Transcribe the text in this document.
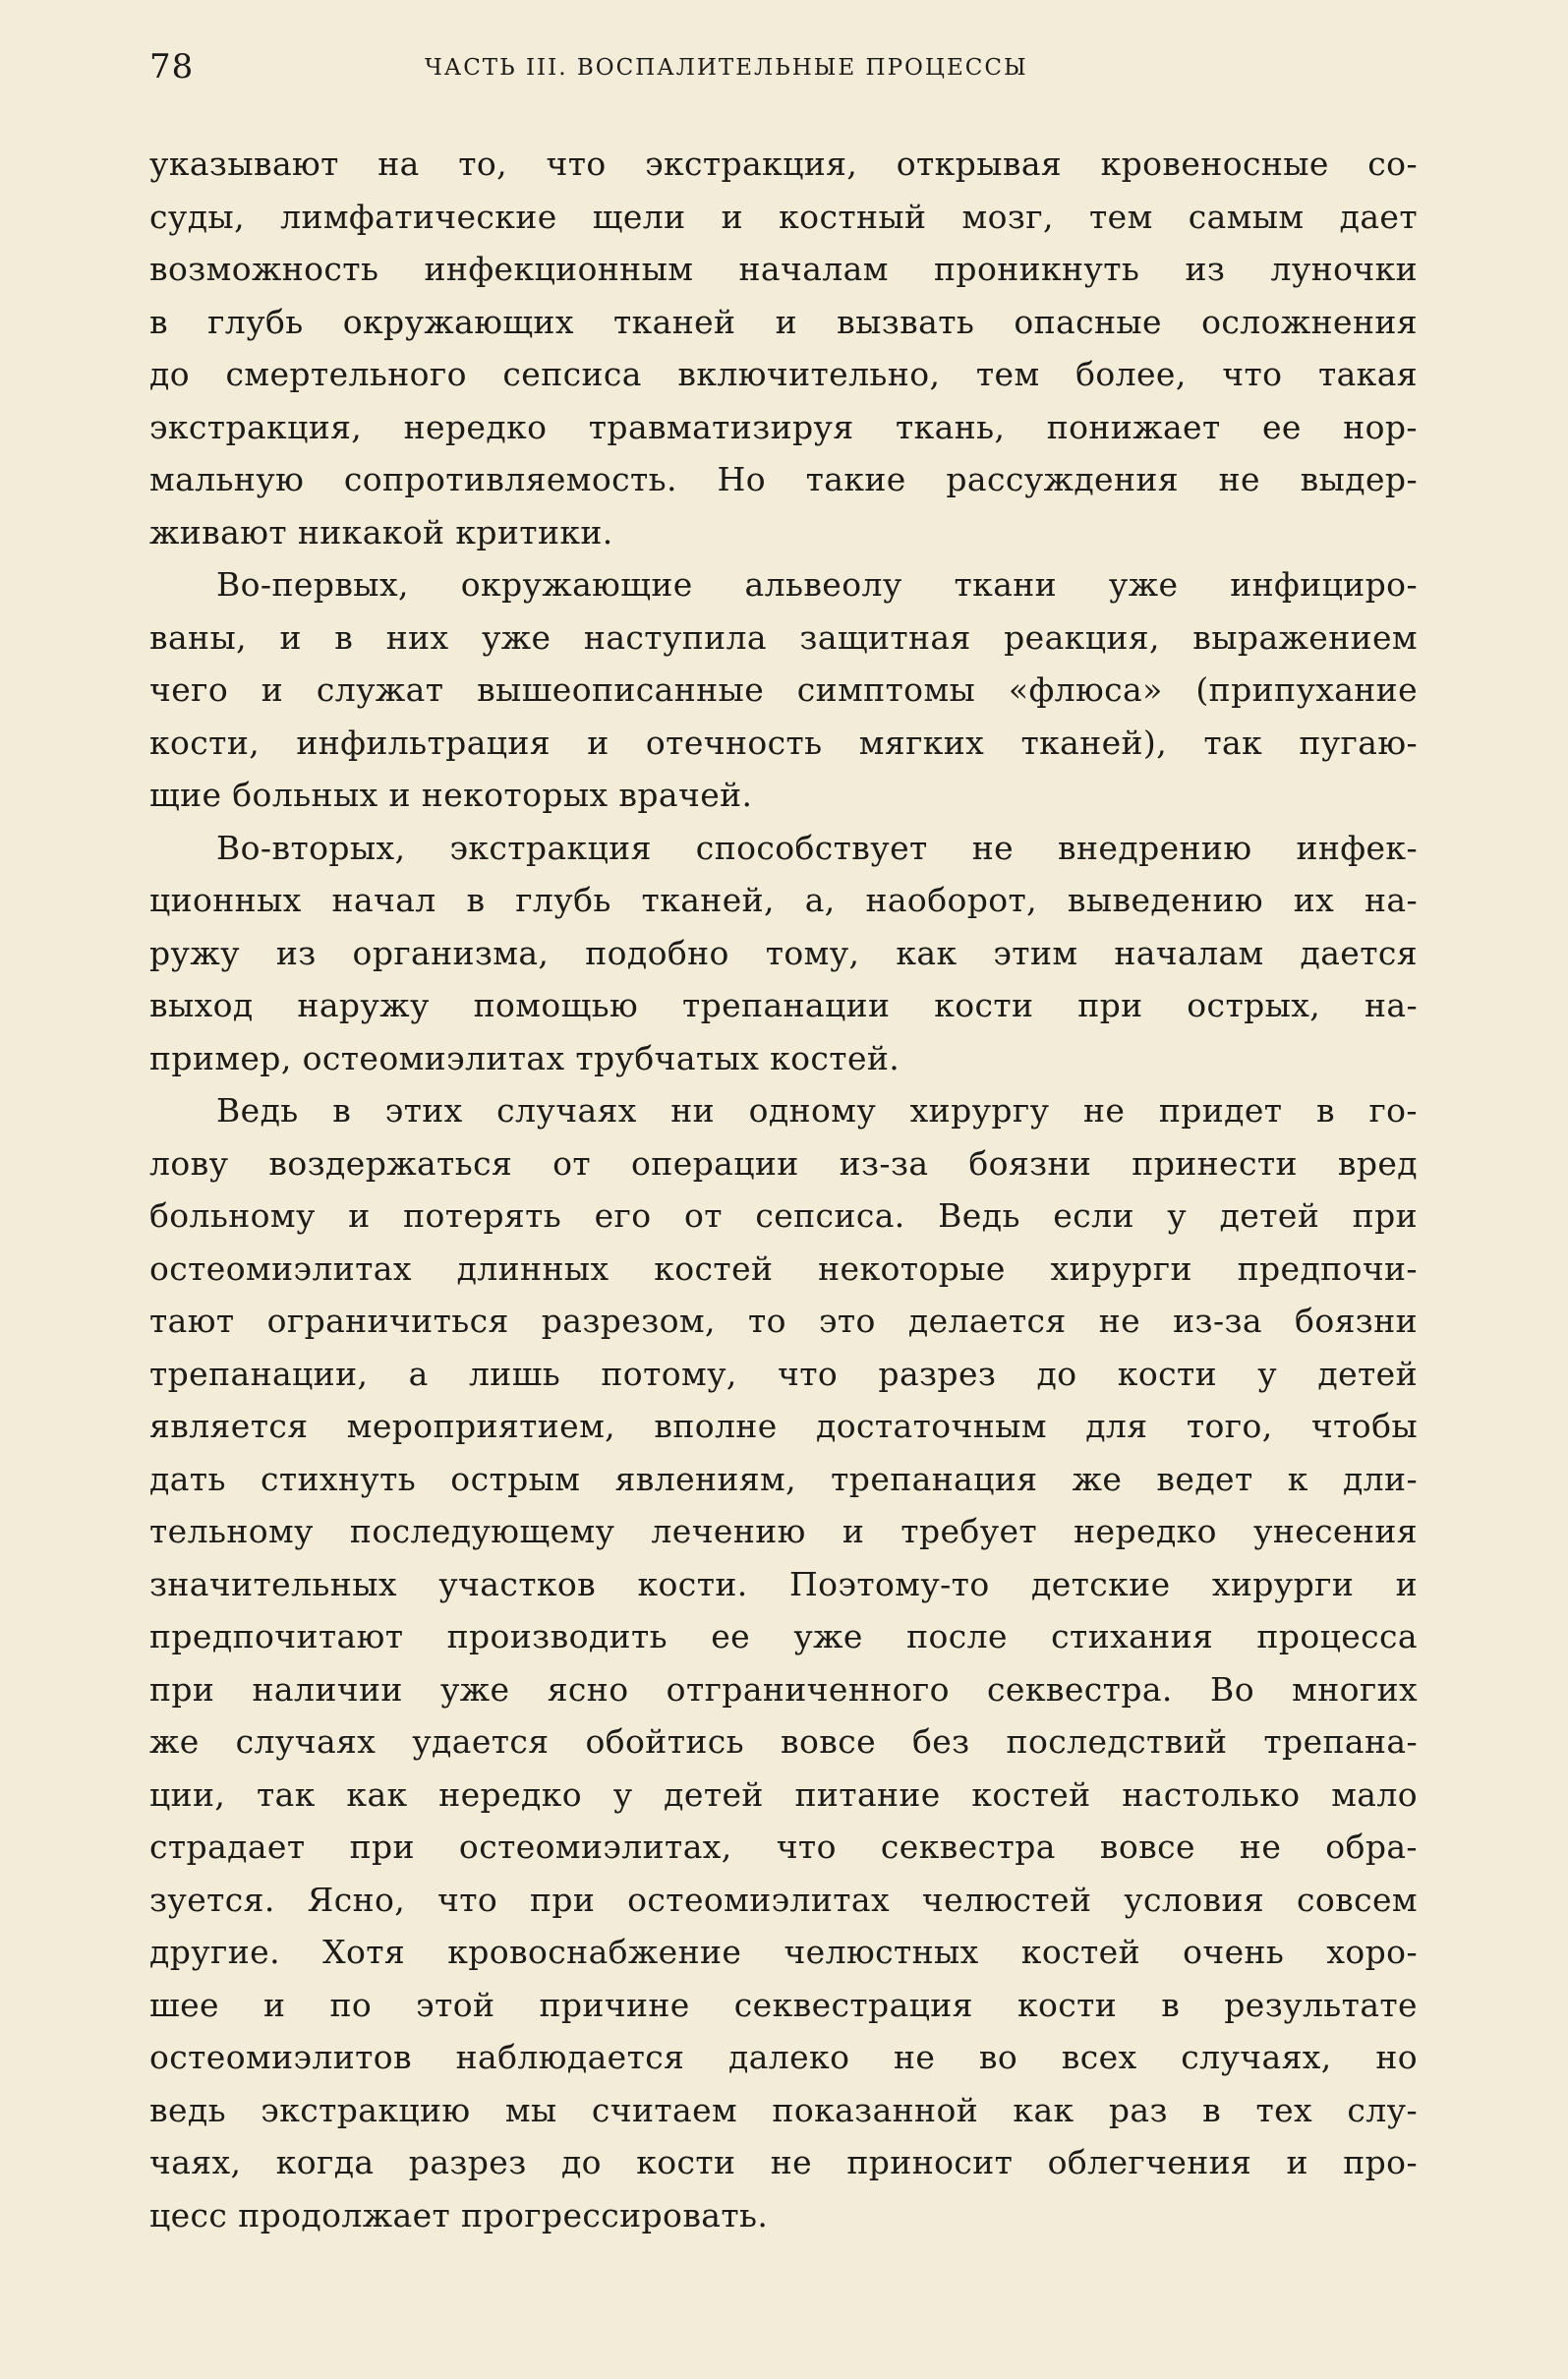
78	ЧАСТЬ III. ВОСПАЛИТЕЛЬНЫЕ ПРОЦЕССЫ
указывают на то, что экстракция, открывая кровеносные со-
суды, лимфатические щели и костный мозг, тем самым дает
возможность инфекционным началам проникнуть из луночки
в глубь окружающих тканей и вызвать опасные осложнения
до смертельного сепсиса включительно, тем более, что такая
экстракция, нередко травматизируя ткань, понижает ее нор-
мальную сопротивляемость. Но такие рассуждения не выдер-
живают никакой критики.
Во-первых, окружающие альвеолу ткани уже инфициро-
ваны, и в них уже наступила защитная реакция, выражением
чего и служат вышеописанные симптомы «флюса» (припухание
кости, инфильтрация и отечность мягких тканей), так пугаю-
щие больных и некоторых врачей.
Во-вторых, экстракция способствует не внедрению инфек-
ционных начал в глубь тканей, а, наоборот, выведению их на-
ружу из организма, подобно тому, как этим началам дается
выход наружу помощью трепанации кости при острых, на-
пример, остеомиэлитах трубчатых костей.
Ведь в этих случаях ни одному хирургу не придет в го-
лову воздержаться от операции из-за боязни принести вред
больному и потерять его от сепсиса. Ведь если у детей при
остеомиэлитах длинных костей некоторые хирурги предпочи-
тают ограничиться разрезом, то это делается не из-за боязни
трепанации, а лишь потому, что разрез до кости у детей
является мероприятием, вполне достаточным для того, чтобы
дать стихнуть острым явлениям, трепанация же ведет к дли-
тельному последующему лечению и требует нередко унесения
значительных участков кости. Поэтому-то детские хирурги и
предпочитают производить ее уже после стихания процесса
при наличии уже ясно отграниченного секвестра. Во многих
же случаях удается обойтись вовсе без последствий трепана-
ции, так как нередко у детей питание костей настолько мало
страдает при остеомиэлитах, что секвестра вовсе не обра-
зуется. Ясно, что при остеомиэлитах челюстей условия совсем
другие. Хотя кровоснабжение челюстных костей очень хоро-
шее и по этой причине секвестрация кости в результате
остеомиэлитов наблюдается далеко не во всех случаях, но
ведь экстракцию мы считаем показанной как раз в тех слу-
чаях, когда разрез до кости не приносит облегчения и про-
цесс продолжает прогрессировать.
